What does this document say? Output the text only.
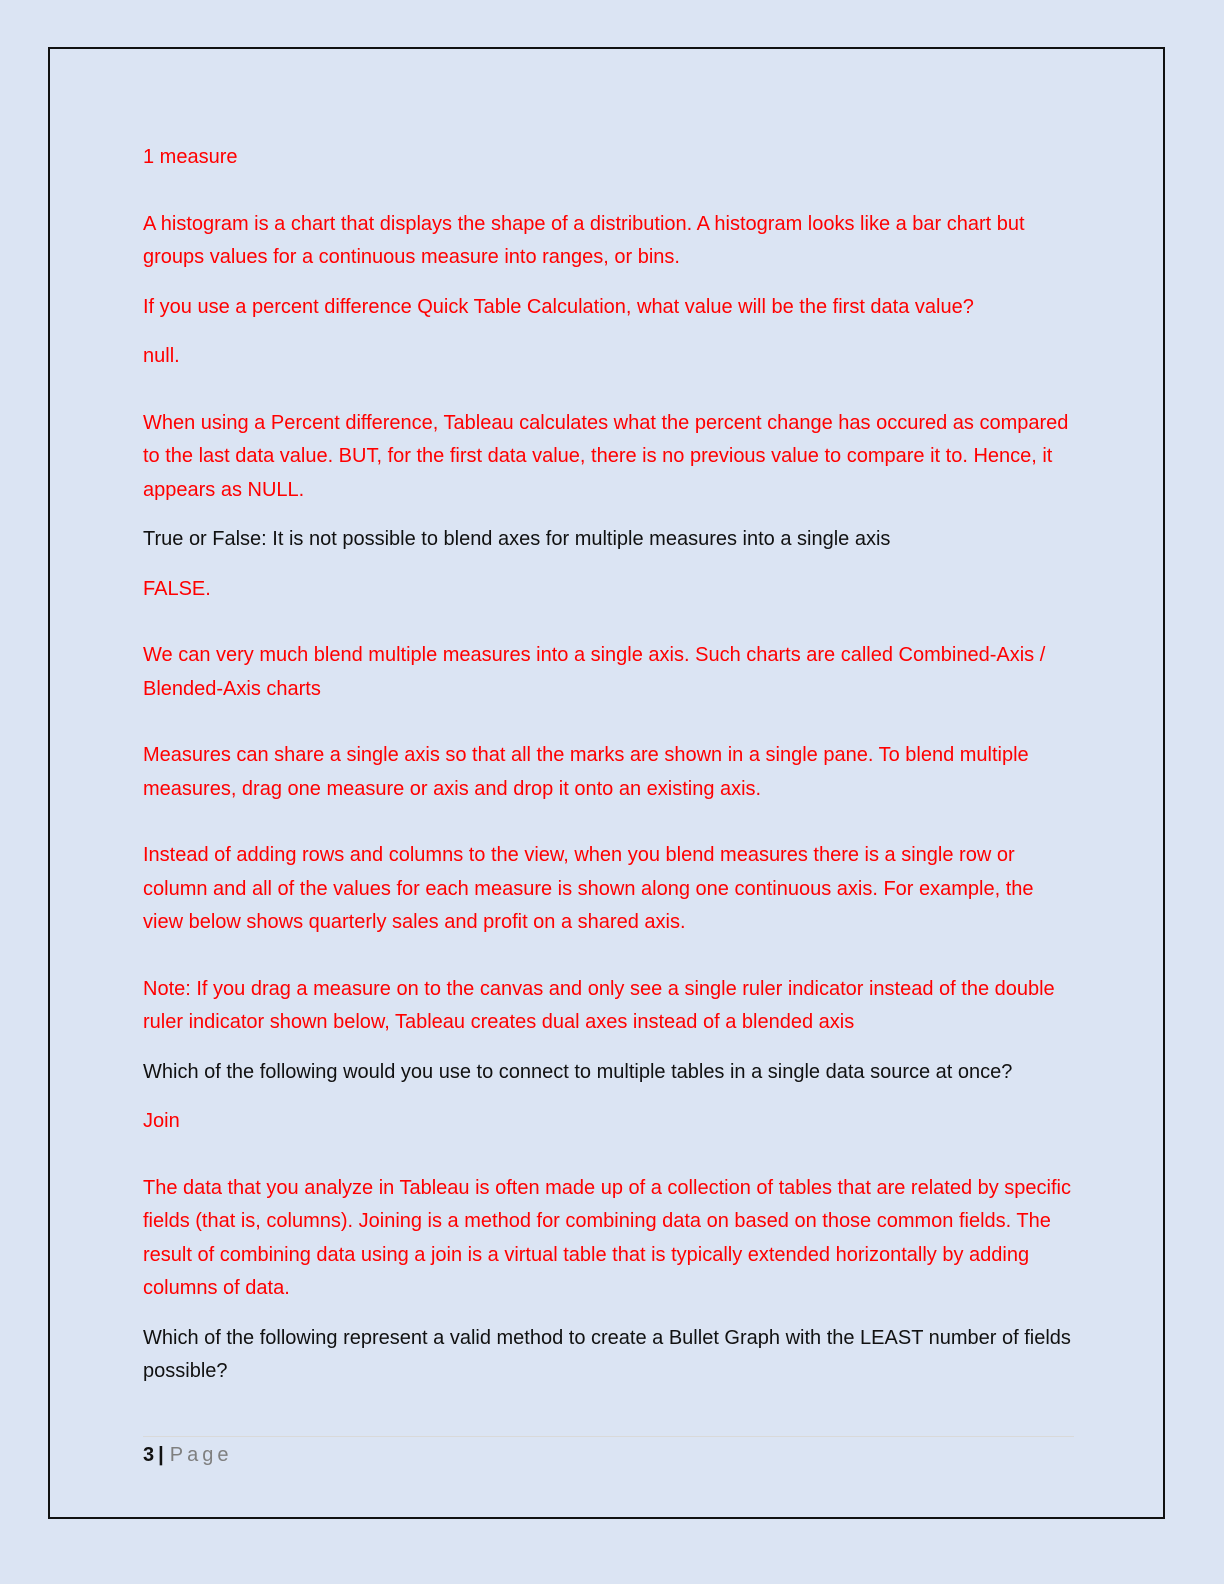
1 measure

A histogram is a chart that displays the shape of a distribution. A histogram looks like a bar chart but groups values for a continuous measure into ranges, or bins.

If you use a percent difference Quick Table Calculation, what value will be the first data value?

null.

When using a Percent difference, Tableau calculates what the percent change has occured as compared to the last data value. BUT, for the first data value, there is no previous value to compare it to. Hence, it appears as NULL.

True or False: It is not possible to blend axes for multiple measures into a single axis

FALSE.

We can very much blend multiple measures into a single axis. Such charts are called Combined-Axis / Blended-Axis charts

Measures can share a single axis so that all the marks are shown in a single pane. To blend multiple measures, drag one measure or axis and drop it onto an existing axis.

Instead of adding rows and columns to the view, when you blend measures there is a single row or column and all of the values for each measure is shown along one continuous axis. For example, the view below shows quarterly sales and profit on a shared axis.

Note: If you drag a measure on to the canvas and only see a single ruler indicator instead of the double ruler indicator shown below, Tableau creates dual axes instead of a blended axis

Which of the following would you use to connect to multiple tables in a single data source at once?

Join

The data that you analyze in Tableau is often made up of a collection of tables that are related by specific fields (that is, columns). Joining is a method for combining data on based on those common fields. The result of combining data using a join is a virtual table that is typically extended horizontally by adding columns of data.

Which of the following represent a valid method to create a Bullet Graph with the LEAST number of fields possible?

3 | Page
